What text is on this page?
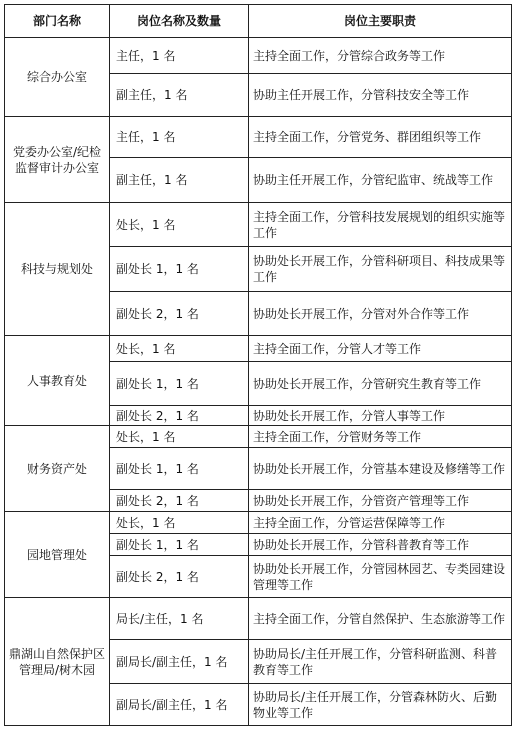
部门名称	岗位名称及数量	岗位主要职责
综合办公室	主任，1 名	主持全面工作，分管综合政务等工作
	副主任，1 名	协助主任开展工作，分管科技安全等工作
党委办公室/纪检监督审计办公室	主任，1 名	主持全面工作，分管党务、群团组织等工作
	副主任，1 名	协助主任开展工作，分管纪监审、统战等工作
科技与规划处	处长，1 名	主持全面工作，分管科技发展规划的组织实施等工作
	副处长 1，1 名	协助处长开展工作，分管科研项目、科技成果等工作
	副处长 2，1 名	协助处长开展工作，分管对外合作等工作
人事教育处	处长，1 名	主持全面工作，分管人才等工作
	副处长 1，1 名	协助处长开展工作，分管研究生教育等工作
	副处长 2，1 名	协助处长开展工作，分管人事等工作
财务资产处	处长，1 名	主持全面工作，分管财务等工作
	副处长 1，1 名	协助处长开展工作，分管基本建设及修缮等工作
	副处长 2，1 名	协助处长开展工作，分管资产管理等工作
园地管理处	处长，1 名	主持全面工作，分管运营保障等工作
	副处长 1，1 名	协助处长开展工作，分管科普教育等工作
	副处长 2，1 名	协助处长开展工作，分管园林园艺、专类园建设管理等工作
鼎湖山自然保护区管理局/树木园	局长/主任，1 名	主持全面工作，分管自然保护、生态旅游等工作
	副局长/副主任，1 名	协助局长/主任开展工作，分管科研监测、科普教育等工作
	副局长/副主任，1 名	协助局长/主任开展工作，分管森林防火、后勤物业等工作
